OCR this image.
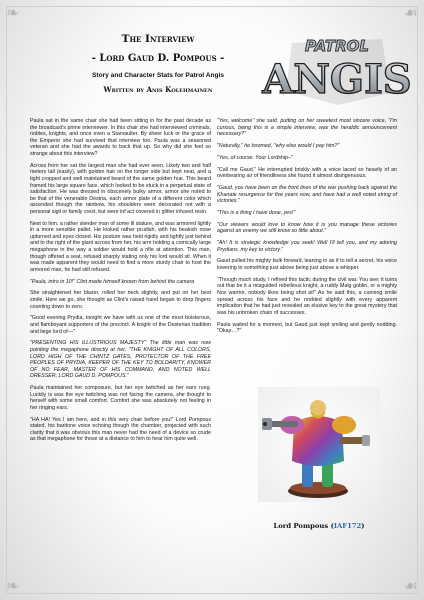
❧	☙
❧	☙
The Interview
- Lord Gaud D. Pompous -
Story and Character Stats for Patrol Angis
Written by Anis Kolehmainen
PATROL
ANGIS

Paula sat in the same chair she had been sitting in for the past decade as the broadcast's prime interviewer. In this chair she had interviewed criminals, nobles, knights, and once even a Starvaulter. By sheer luck or the grace of the Emperor she had survived that interview too. Paula was a seasoned veteran and she had the awards to back that up. So why did she feel so strange about this interview?

Across from her sat the largest man she had ever seen. Likely two and half meters tall (easily), with golden hair on the longer side but kept neat, and a tight cropped and well maintained beard of the same golden hue. This beard framed his large square face, which looked to be stuck in a perpetual state of satisfaction. He was dressed in obscenely bulky armor, armor she noted to be that of the venerable Destria, each armor plate of a different color which ascended though the rainbow, his shoulders were decorated not with a personal sigil or family crest, but were inf act covered in glitter infused resin.

Next to him, a rather slender man of some ill stature, and was armored lightly in a more sensible pallet. He looked rather prudish, with his beakish nose upturned and eyes closed. His posture was held rigidly and tightly just behind and to the right of the giant across from her, his arm holding a comically large megaphone in the way a soldier would hold a rifle at attention. This man, though offered a seat, refused sharply stating only his lord would sit. When it was made apparent they would need to find a more sturdy chair to host the armored man, he had still refused.

"Paula, intro in 10!" Clint made himself known from behind the camera

She straightened her blazer, rolled her neck slightly, and put on her best smile. Here we go, she thought as Clint's raised hand began to drop fingers counting down to zero.

"Good evening Prydia, tonight we have with us one of the most boisterous, and flamboyant supporters of the precinct. A knight of the Desterian tradition and liege lord of—"

"PRESENTING HIS ILLUSTRIOUS MAJESTY" The little man was now pointing the megaphone directly at her, "THE KNIGHT OF ALL COLORS, LORD HIGH OF THE CHINTZ GATES, PROTECTOR OF THE FREE PEOPLES OF PRYDIA, KEEPER OF THE KEY TO BOLDARITY, KNOWER OF NO FEAR, MASTER OF HIS COMMAND, AND NOTED WELL DRESSER; LORD GAUD D. POMPOUS."

Paula maintained her composure, but her eye twitched as her ears rung. Luckily is was the eye twitching was not facing the camera, she thought to herself with some small comfort. Comfort she was absolutely not feeling in her ringing ears.

"HA HA! Yes I am here, and in this very chair before you!" Lord Pompous stated, his baritone voice echoing though the chamber, projected with such clarity that it was obvious this man never had the need of a device so crude as that megaphone for those at a distance to him to hear him quite well.

"Yes, welcome" she said, putting on her sweetest most sincere voice, "I'm curious, being this is a simple interview, was the heraldic announcement necessary?"

"Naturally," he boomed, "why else would I pay him?"

"Yes, of course. Your Lordship–"

"Call me Gaud." He interrupted briskly with a voice laced so heavily of an overbearing air of friendliness she found it almost disingenuous.

"Gaud, you have been on the front lines of the war pushing back against the Khanate resurgence for five years now, and have had a well noted string of victories."

"This is a thing I have done, yes!"

"Our viewers would love to know how it is you manage these victories against an enemy we still know so little about."

"Ah! It is strategic knowledge you seek! Well I'll tell you, and my adoring Prydians, my key to victory."

Gaud pulled his mighty bulk forward, leaning in as if to tell a secret, his voice lowering to something just above being just above a whisper.

"Though much study, I refined this tactic during the civil war. You see; it turns out that be it a misguided rebellious knight, a ruddy Malg goblin, or a mighty Nox warrior, nobody likes being shot at!" As he said this, a cunning smile spread across his face and he nodded slightly with every apparent implication that he had just revealed an elusive key to the great mystery that was his unbroken chain of successes.

Paula waited for a moment, but Gaud just kept smiling and gently nodding. "Okay…?"

Lord Pompous (IAF172)
